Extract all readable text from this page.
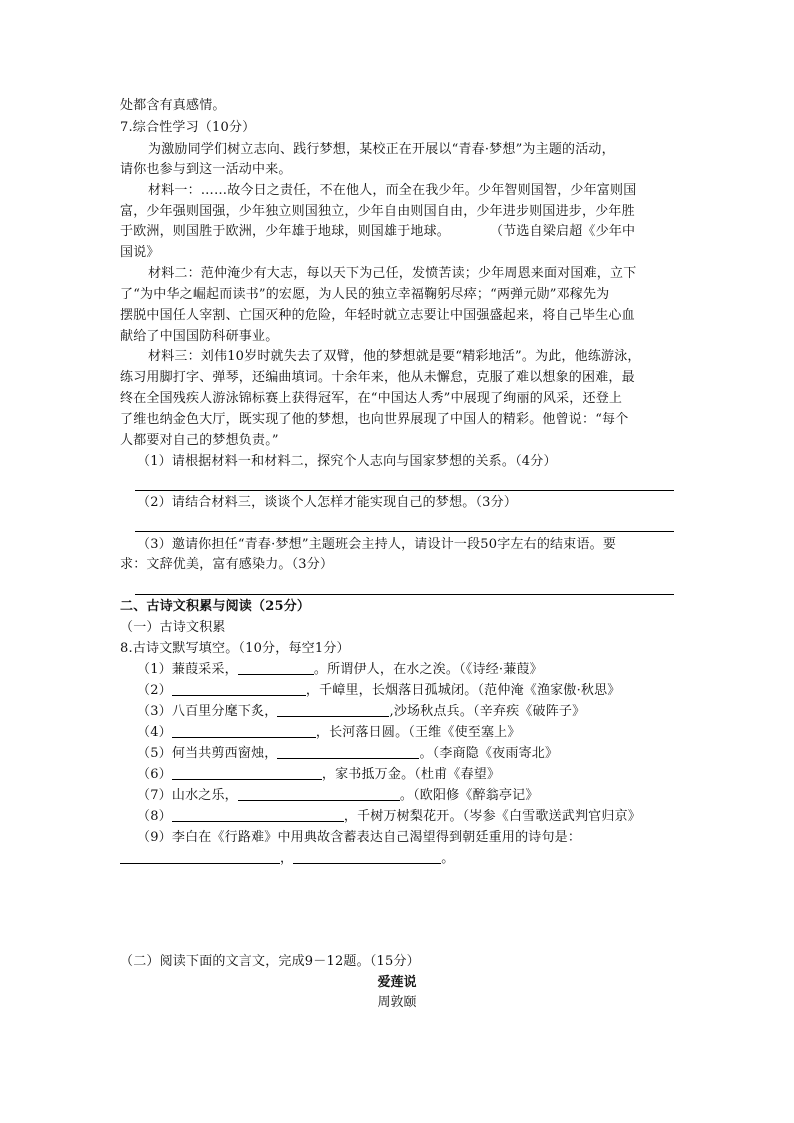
处都含有真感情。
7.综合性学习（10分）
为激励同学们树立志向、践行梦想，某校正在开展以“青春·梦想”为主题的活动，
请你也参与到这一活动中来。
材料一：……故今日之责任，不在他人，而全在我少年。少年智则国智，少年富则国
富，少年强则国强，少年独立则国独立，少年自由则国自由，少年进步则国进步，少年胜
于欧洲，则国胜于欧洲，少年雄于地球，则国雄于地球。	（节选自梁启超《少年中
国说》
材料二：范仲淹少有大志，每以天下为己任，发愤苦读；少年周恩来面对国难，立下
了“为中华之崛起而读书”的宏愿，为人民的独立幸福鞠躬尽瘁；“两弹元勋”邓稼先为
摆脱中国任人宰割、亡国灭种的危险，年轻时就立志要让中国强盛起来，将自己毕生心血
献给了中国国防科研事业。
材料三：刘伟10岁时就失去了双臂，他的梦想就是要“精彩地活”。为此，他练游泳，
练习用脚打字、弹琴，还编曲填词。十余年来，他从未懈怠，克服了难以想象的困难，最
终在全国残疾人游泳锦标赛上获得冠军，在“中国达人秀”中展现了绚丽的风采，还登上
了维也纳金色大厅，既实现了他的梦想，也向世界展现了中国人的精彩。他曾说：“每个
人都要对自己的梦想负责。”
（1）请根据材料一和材料二，探究个人志向与国家梦想的关系。（4分）
（2）请结合材料三，谈谈个人怎样才能实现自己的梦想。（3分）
（3）邀请你担任“青春·梦想”主题班会主持人，请设计一段50字左右的结束语。要
求：文辞优美，富有感染力。（3分）
二、古诗文积累与阅读（25分）
（一）古诗文积累
8.古诗文默写填空。（10分，每空1分）
（1）蒹葭采采，	。所谓伊人，在水之涘。（《诗经·蒹葭》
（2）	，千嶂里，长烟落日孤城闭。（范仲淹《渔家傲·秋思》
（3）八百里分麾下炙，	,沙场秋点兵。（辛弃疾《破阵子》
（4）	，长河落日圆。（王维《使至塞上》
（5）何当共剪西窗烛，	。（李商隐《夜雨寄北》
（6）	，家书抵万金。（杜甫《春望》
（7）山水之乐，	。（欧阳修《醉翁亭记》
（8）	，千树万树梨花开。（岑参《白雪歌送武判官归京》
（9）李白在《行路难》中用典故含蓄表达自己渴望得到朝廷重用的诗句是：
，	。
（二）阅读下面的文言文，完成9－12题。（15分）
爱莲说
周敦颐
